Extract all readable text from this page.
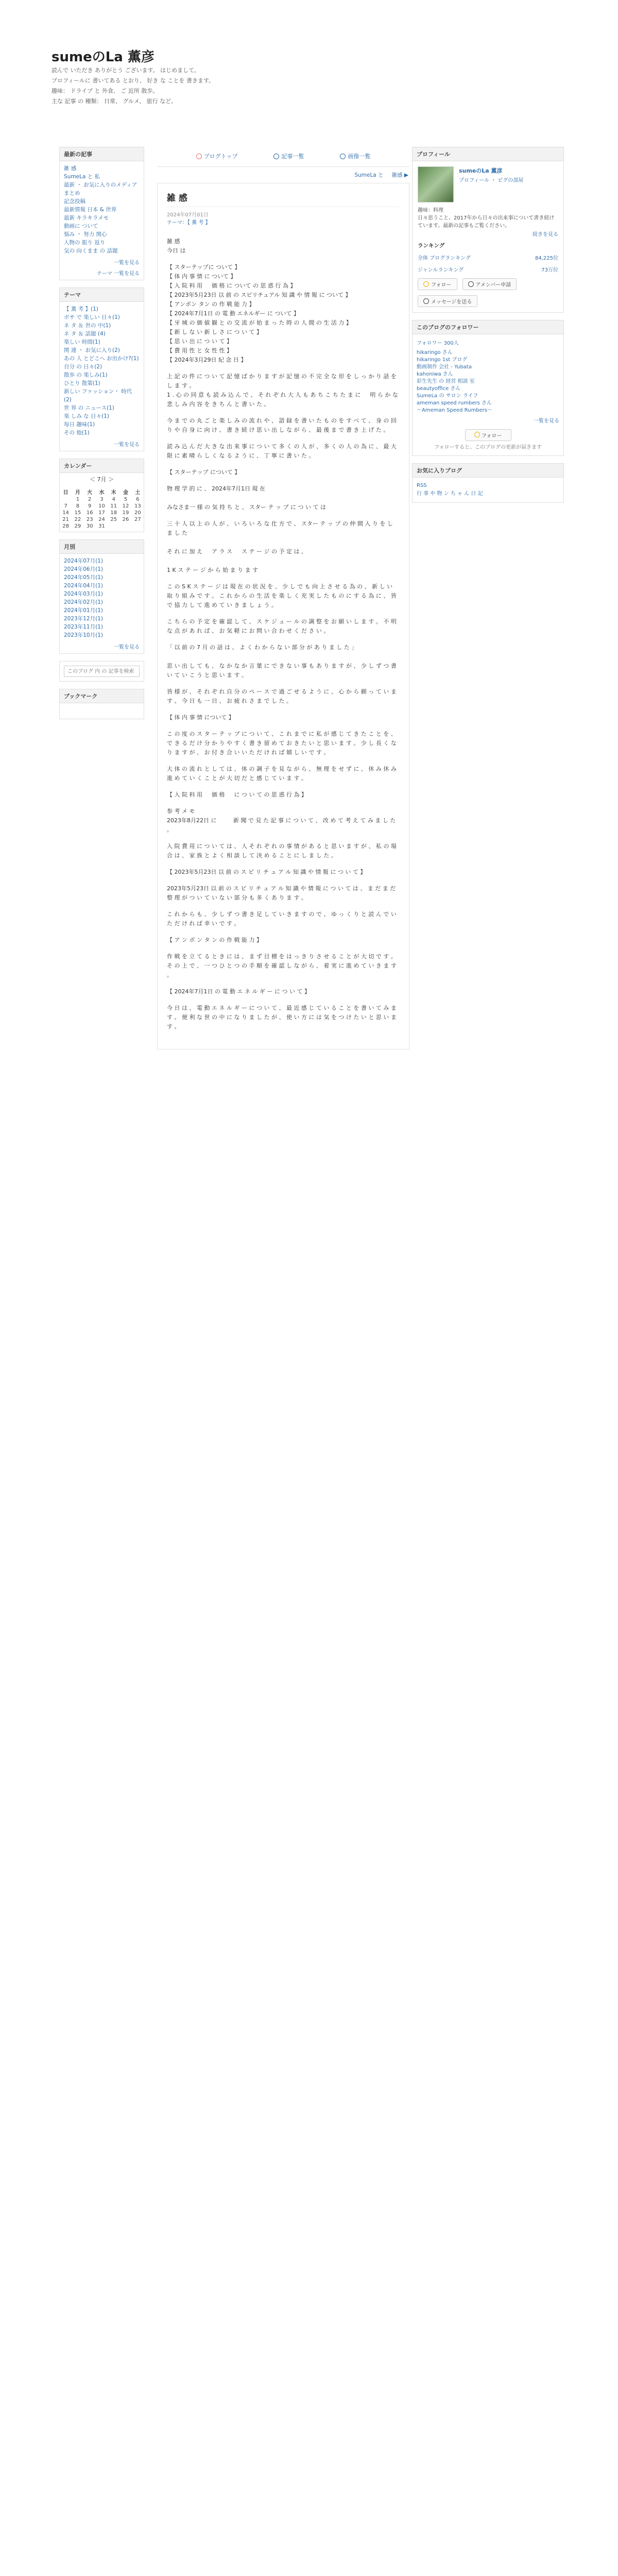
sumeのLa 薫彦
読んで いただき ありがとう ございます。 はじめまして。
プロフィールに 書いてある とおり、 好き な ことを 書きます。
趣味： ドライブ と 外食、 ご 近所 散歩。
主な 記事 の 種類： 日常、 グルメ、 旅行 など。
最新の記事
雑 感
SumeLa と 私
最新 ・ お気に入りのメディア まとめ
記念投稿
最新情報 日本 & 世界
最新 キラキラメモ
動画に ついて
悩み ・ 努力 関心
人物の 振り 返り
気の 向くまま の 話題
一覧を見る
テーマ 一覧を見る
テーマ
【 薫 考 】(1)
ボサ で 楽しい 日々(1)
ネ タ ＆ 世の 中(1)
ネ タ ＆ 話題 (4)
楽しい 時間(1)
関 連 ・ お気に入り(2)
あの 人 とどこへ お出かけ?(1)
自分 の 日々(2)
散歩 の 楽しみ(1)
ひとり 散策(1)
新しい ファッション・ 時代(2)
世 界 の ニュース(1)
楽 しみ な 日々(1)
毎日 趣味(1)
その 他(1)
一覧を見る
カレンダー
＜ 7月 ＞
日	月	火	水	木	金	土
	1	2	3	4	5	6
7	8	9	10	11	12	13
14	15	16	17	18	19	20
21	22	23	24	25	26	27
28	29	30	31			
月別
2024年07月(1)
2024年06月(1)
2024年05月(1)
2024年04月(1)
2024年03月(1)
2024年02月(1)
2024年01月(1)
2023年12月(1)
2023年11月(1)
2023年10月(1)
一覧を見る
このブログ 内 の 記事を検索
ブックマーク
ブログトップ	記事一覧	画像一覧
SumeLa と 雑感 ▶
雑 感
2024年07月01日
テーマ：【 薫 考 】

雑 感
今日 は

【 スターテップに ついて 】
【 体 内 事 情 に ついて 】
【 入 院 料 用 　 価 格 に ついて の 思 惑 行 為 】
【 2023年5月23日 以 前 の スピリチュアル 知 識 や 情 報 に ついて 】
【 アンポン タン の 作 戦 能 力 】
【 2024年7月1日 の 電 動 エネルギー に ついて 】
【 牙 城 の 価 値 観 と の 交 流 が 始 ま っ た 時 の 人 間 の 生 活 力 】
【 新 し な い 新 し さ に つ い て 】
【 思 い 出 に つ い て 】
【 費 用 性 と 女 性 性 】
【 2024年3月29日 紀 念 日 】

上 記 の 件 に つ い て 記 憶 ば か り ま す が 記 憶 の 不 完 全 な 形 を し っ か り 話 を し ま す 。
1 . 心 の 同 意 も 読 み 込 ん で 、 そ れ ぞ れ 大 人 も あ ち こ ち た ま に 　 明 ら か な 悲 し み 内 容 を き ち ん と 書 い た 。

今 ま で の 丸 ご と 楽 し み の 流 れ や 、 語 録 を 書 い た も の を す べ て 、 身 の 回 り や 自 身 に 向 け 、 書 き 続 け 思 い 出 し な が ら 、 最 後 ま で 書 き 上 げ た 。

読 み 込 ん だ 大 き な 出 来 事 に つ い て 多 く の 人 が 、 多 く の 人 の 為 に 、 最 大 限 に 素 晴 ら し く な る よ う に 、 丁 寧 に 書 い た 。

【 スターテップ について 】

物 理 学 的 に 、 2024年7月1日 現 在

みなさま一 様 の 気 持 ち と 、 スター テ ッ プ に つ い て は

三 十 人 以 上 の 人 が 、 い ろ い ろ な 仕 方 で 、 スター テ ッ プ の 仲 間 入 り を し ま し た

そ れ に 加 え 　 ア ラ ス 　 ス テ ー ジ の 予 定 は 、

1 K ス テ ー ジ か ら 始 ま り ま す

こ の S K ス テ ー ジ は 現 在 の 状 況 を 、 少 し で も 向 上 さ せ る 為 の 、 新 し い 取 り 組 み で す 。 こ れ か ら の 生 活 を 楽 し く 充 実 し た も の に す る 為 に 、 皆 で 協 力 し て 進 め て い き ま し ょ う 。

こ ち ら の 予 定 を 確 認 し て 、 ス ケ ジ ュ ー ル の 調 整 を お 願 い し ま す 。 不 明 な 点 が あ れ ば 、 お 気 軽 に お 問 い 合 わ せ く だ さ い 。

「 以 前 の 7 月 の 話 は 、 よ く わ か ら な い 部 分 が あ り ま し た 」

思 い 出 し て も 、 な か な か 言 葉 に で き な い 事 も あ り ま す が 、 少 し ず つ 書 い て い こ う と 思 い ま す 。

皆 様 が 、 そ れ ぞ れ 自 分 の ペ ー ス で 過 ご せ る よ う に 、 心 か ら 願 っ て い ま す 。 今 日 も 一 日 、 お 疲 れ さ ま で し た 。

【 体 内 事 情 について 】

こ の 度 の ス タ ー テ ッ プ に つ い て 、 こ れ ま で に 私 が 感 じ て き た こ と を 、 で き る だ け 分 か り や す く 書 き 留 め て お き た い と 思 い ま す 。 少 し 長 く な り ま す が 、 お 付 き 合 い い た だ け れ ば 嬉 し い で す 。

大 体 の 流 れ と し て は 、 体 の 調 子 を 見 な が ら 、 無 理 を せ ず に 、 休 み 休 み 進 め て い く こ と が 大 切 だ と 感 じ て い ま す 。

【 入 院 料 用 　 価 格 　 に つ い て の 思 惑 行 為 】

参 考 メ モ
2023年8月22日 に 　 　 新 聞 で 見 た 記 事 に つ い て 、 改 め て 考 え て み ま し た 。

入 院 費 用 に つ い て は 、 人 そ れ ぞ れ の 事 情 が あ る と 思 い ま す が 、 私 の 場 合 は 、 家 族 と よ く 相 談 し て 決 め る こ と に し ま し た 。

【 2023年5月23日 以 前 の ス ピ リ チ ュ ア ル 知 識 や 情 報 に つ い て 】

2023年5月23日 以 前 の ス ピ リ チ ュ ア ル 知 識 や 情 報 に つ い て は 、 ま だ ま だ 整 理 が つ い て い な い 部 分 も 多 く あ り ま す 。

こ れ か ら も 、 少 し ず つ 書 き 足 し て い き ま す の で 、 ゆ っ く り と 読 ん で い た だ け れ ば 幸 い で す 。

【 ア ン ポ ン タ ン の 作 戦 能 力 】

作 戦 を 立 て る と き に は 、 ま ず 目 標 を は っ き り さ せ る こ と が 大 切 で す 。 そ の 上 で 、 一 つ ひ と つ の 手 順 を 確 認 し な が ら 、 着 実 に 進 め て い き ま す 。

【 2024年7月1日 の 電 動 エ ネ ル ギ ー に つ い て 】

今 日 は 、 電 動 エ ネ ル ギ ー に つ い て 、 最 近 感 じ て い る こ と を 書 い て み ま す 。 便 利 な 世 の 中 に な り ま し た が 、 使 い 方 に は 気 を つ け た い と 思 い ま す 。

プロフィール
sumeのLa 薫彦
プロフィール ・ ピグの部屋
趣味：料理
日々思うこと、2017年から日々の出来事について書き続けています。最新の記事もご覧ください。
続きを見る
ランキング
全体 ブログランキング	84,225位
ジャンルランキング	73万位
フォロー	アメンバー申請
メッセージを送る
このブログのフォロワー
フォロワー 300人
hikaringo さん
hikaringo 1st ブログ
動画制作 会社 - Yubata
kahoniwa さん
彩生先生 の 経営 相談 室
beautyoffice さん
SumeLa の サロン ライフ
ameman speed rumbers さん
〜Ameman Speed Rumbers〜
一覧を見る
フォロー
フォローすると、このブログの更新が届きます
お気に入りブログ
RSS
行 事 や 物 ン ち ゃ ん 日 記
